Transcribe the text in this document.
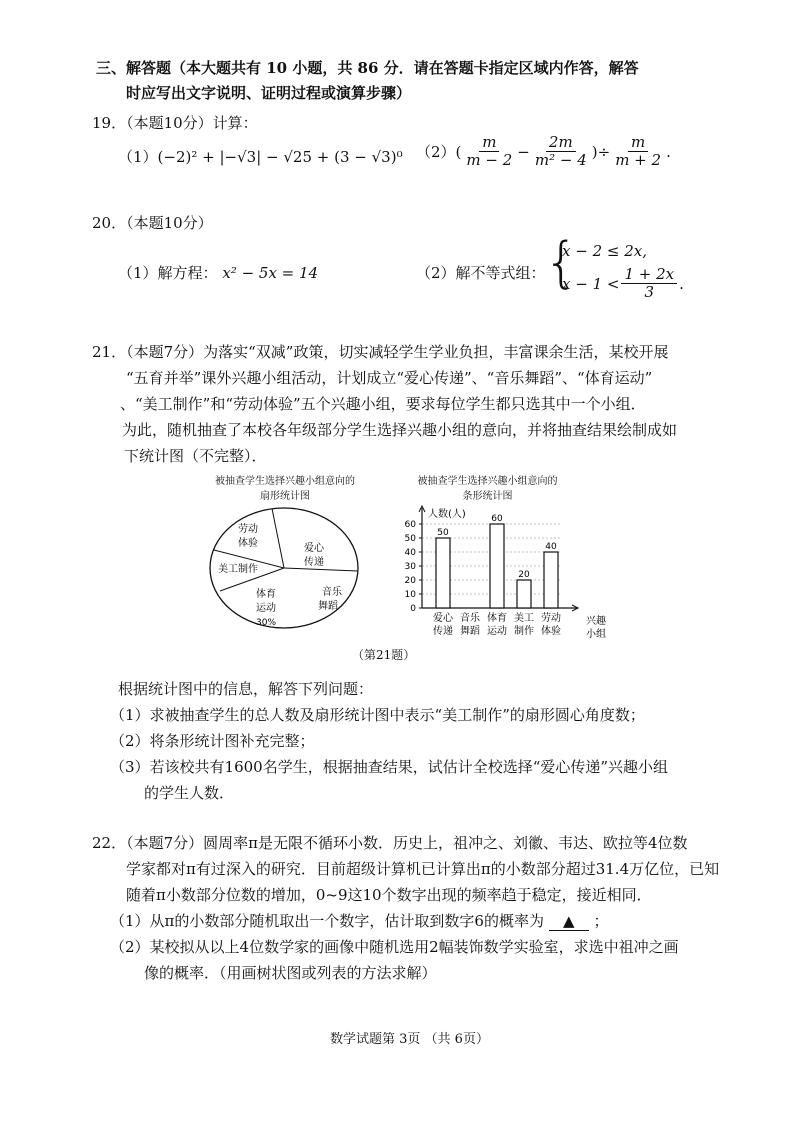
三、解答题（本大题共有 10 小题，共 86 分．请在答题卡指定区域内作答，解答
时应写出文字说明、证明过程或演算步骤）
19．（本题10分）计算：
（1）(−2)² + |−√3| − √25 + (3 − √3)⁰ （2） ( $\frac{m}{m - 2} - \frac{2m}{\text{m² − 4}}$ ) ÷ $\frac{m}{m + 2}$ .
20．（本题10分）
（1）解方程： x² − 5x = 14	（2）解不等式组：
{
x − 2 ≤ 2x,
$x - 1 < \frac{1 + 2x}{3}$ .
21．（本题7分）为落实“双减”政策，切实减轻学生学业负担，丰富课余生活，某校开展
“五育并举”课外兴趣小组活动，计划成立“爱心传递”、“音乐舞蹈”、“体育运动”
、“美工制作”和“劳动体验”五个兴趣小组，要求每位学生都只选其中一个小组．
为此，随机抽查了本校各年级部分学生选择兴趣小组的意向，并将抽查结果绘制成如
下统计图（不完整）．
被抽查学生选择兴趣小组意向的
扇形统计图
劳动
体验	爱心
传递
美工制作
音乐
舞蹈
体育
运动
30%
被抽查学生选择兴趣小组意向的
条形统计图
人数(人)
兴趣
小组
0
10
20
30
40
50
60
50
爱心
传递
音乐
舞蹈
60
体育
运动
20
美工
制作
40
劳动
体验
（第21题）
根据统计图中的信息，解答下列问题：
（1）求被抽查学生的总人数及扇形统计图中表示“美工制作”的扇形圆心角度数；
（2）将条形统计图补充完整；
（3）若该校共有1600名学生，根据抽查结果，试估计全校选择“爱心传递”兴趣小组
的学生人数．
22．（本题7分）圆周率π是无限不循环小数．历史上，祖冲之、刘徽、韦达、欧拉等4位数
学家都对π有过深入的研究．目前超级计算机已计算出π的小数部分超过31.4万亿位，已知
随着π小数部分位数的增加，0~9这10个数字出现的频率趋于稳定，接近相同．
（1）从π的小数部分随机取出一个数字，估计取到数字6的概率为 ▲ ；
（2）某校拟从以上4位数学家的画像中随机选用2幅装饰数学实验室，求选中祖冲之画
像的概率．（用画树状图或列表的方法求解）
数学试题第 3页 （共 6页）
